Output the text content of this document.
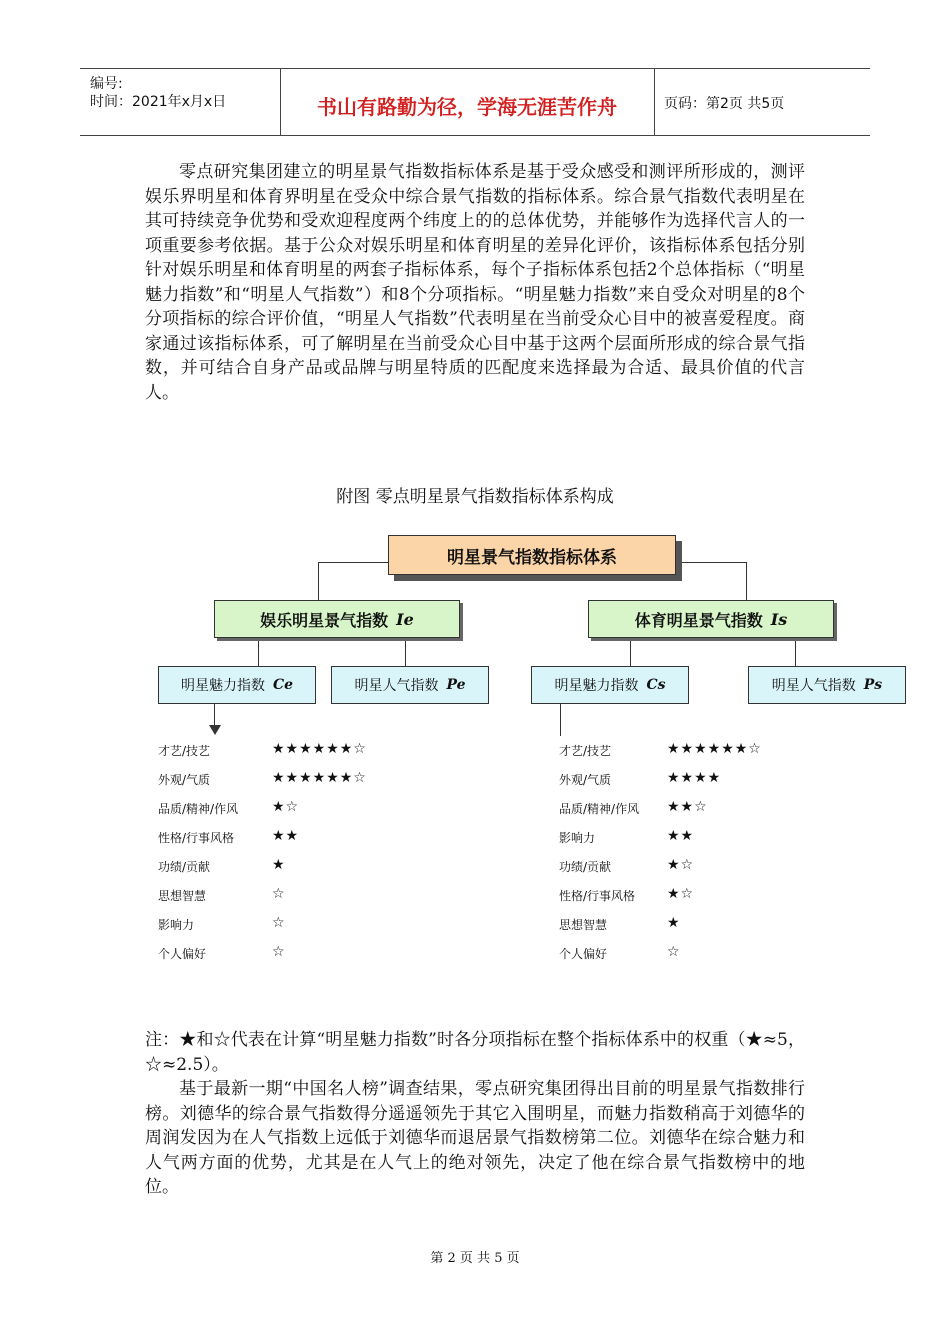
编号:
时间：2021年x月x日	书山有路勤为径，学海无涯苦作舟	页码：第2页 共5页

零点研究集团建立的明星景气指数指标体系是基于受众感受和测评所形成的，测评娱乐界明星和体育界明星在受众中综合景气指数的指标体系。综合景气指数代表明星在其可持续竞争优势和受欢迎程度两个纬度上的的总体优势，并能够作为选择代言人的一项重要参考依据。基于公众对娱乐明星和体育明星的差异化评价，该指标体系包括分别针对娱乐明星和体育明星的两套子指标体系，每个子指标体系包括2个总体指标（“明星魅力指数”和“明星人气指数”）和8个分项指标。“明星魅力指数”来自受众对明星的8个分项指标的综合评价值，“明星人气指数”代表明星在当前受众心目中的被喜爱程度。商家通过该指标体系，可了解明星在当前受众心目中基于这两个层面所形成的综合景气指数，并可结合自身产品或品牌与明星特质的匹配度来选择最为合适、最具价值的代言人。

附图 零点明星景气指数指标体系构成
明星景气指数指标体系
娱乐明星景气指数 Ie	体育明星景气指数 Is
明星魅力指数 Ce	明星人气指数 Pe	明星魅力指数 Cs	明星人气指数 Ps
才艺/技艺	★★★★★★☆
外观/气质	★★★★★★☆
品质/精神/作风 ★☆
性格/行事风格	★★
功绩/贡献	★
思想智慧	☆
影响力	☆
个人偏好	☆
才艺/技艺	★★★★★★☆
外观/气质	★★★★
品质/精神/作风 ★★☆
影响力	★★
功绩/贡献	★☆
性格/行事风格 ★☆
思想智慧	★
个人偏好	☆

注：★和☆代表在计算“明星魅力指数”时各分项指标在整个指标体系中的权重（★≈5，☆≈2.5）。

基于最新一期“中国名人榜”调查结果，零点研究集团得出目前的明星景气指数排行榜。刘德华的综合景气指数得分遥遥领先于其它入围明星，而魅力指数稍高于刘德华的周润发因为在人气指数上远低于刘德华而退居景气指数榜第二位。刘德华在综合魅力和人气两方面的优势，尤其是在人气上的绝对领先，决定了他在综合景气指数榜中的地位。

第 2 页 共 5 页
